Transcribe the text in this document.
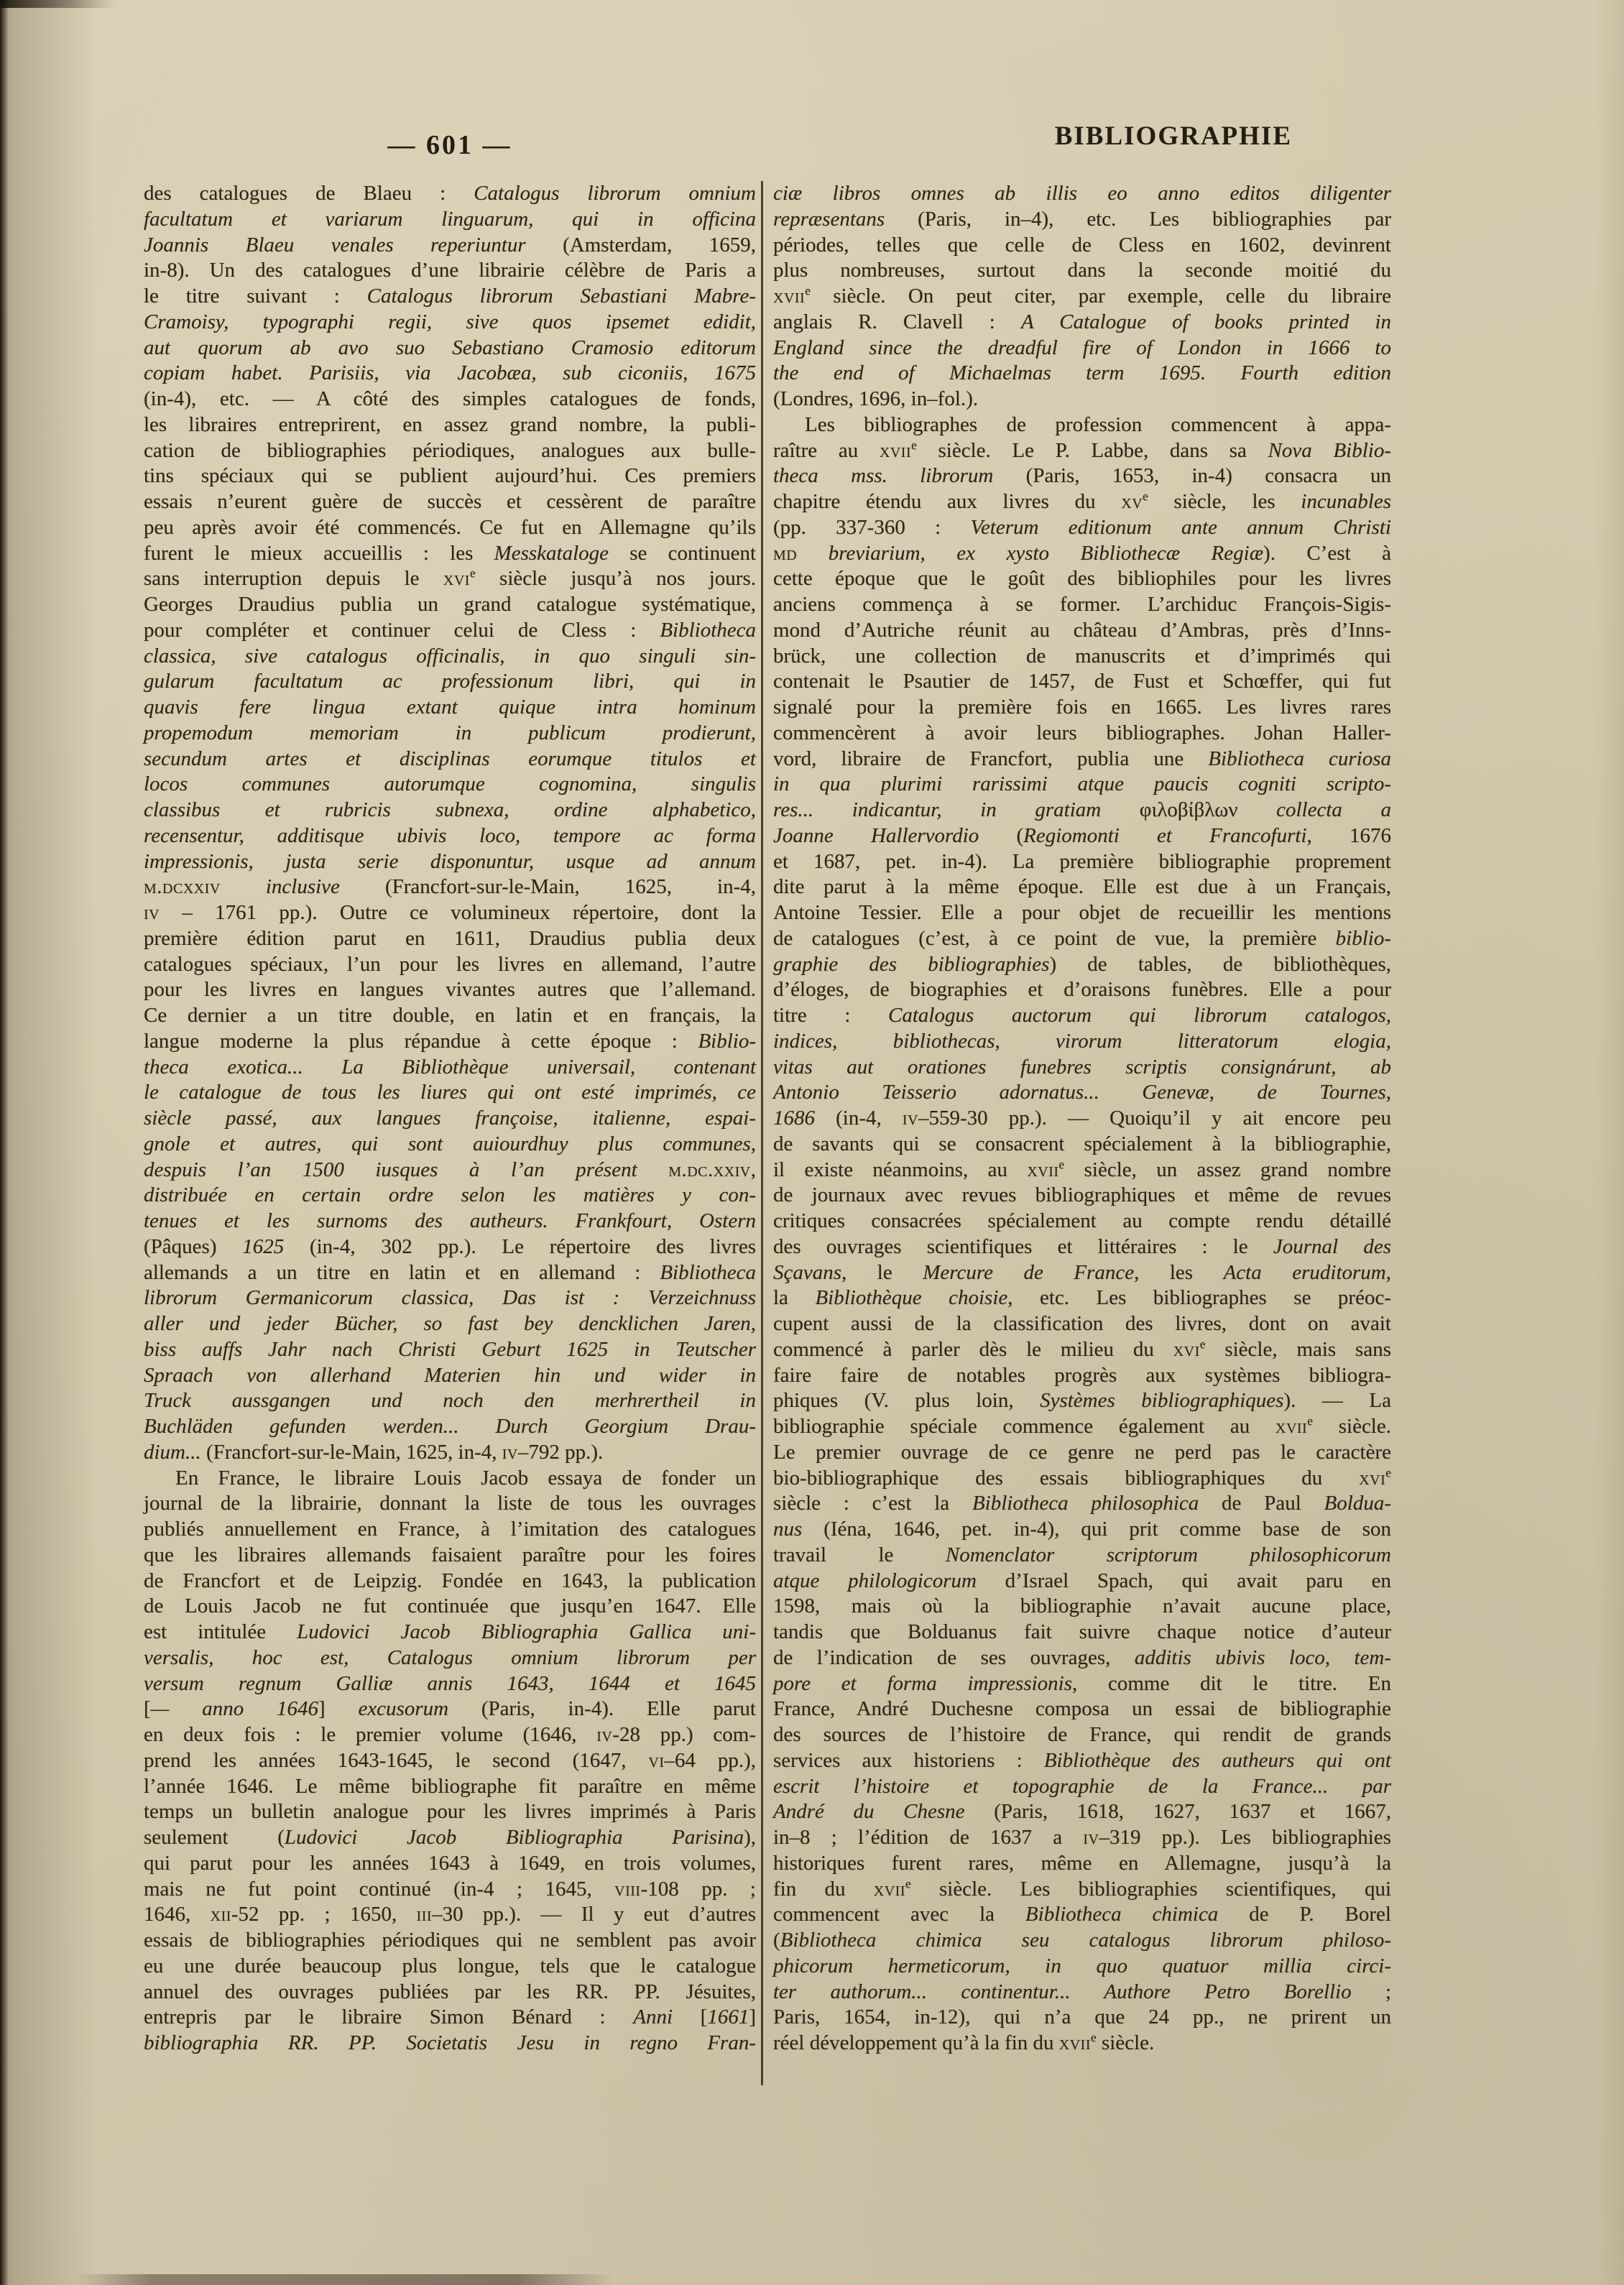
— 601 —	BIBLIOGRAPHIE
des catalogues de Blaeu : Catalogus librorum omnium
facultatum et variarum linguarum, qui in officina
Joannis Blaeu venales reperiuntur (Amsterdam, 1659,
in-8). Un des catalogues d’une librairie célèbre de Paris a
le titre suivant : Catalogus librorum Sebastiani Mabre-
Cramoisy, typographi regii, sive quos ipsemet edidit,
aut quorum ab avo suo Sebastiano Cramosio editorum
copiam habet. Parisiis, via Jacobæa, sub ciconiis, 1675
(in-4), etc. — A côté des simples catalogues de fonds,
les libraires entreprirent, en assez grand nombre, la publi-
cation de bibliographies périodiques, analogues aux bulle-
tins spéciaux qui se publient aujourd’hui. Ces premiers
essais n’eurent guère de succès et cessèrent de paraître
peu après avoir été commencés. Ce fut en Allemagne qu’ils
furent le mieux accueillis : les Messkataloge se continuent
sans interruption depuis le xvi$^e$ siècle jusqu’à nos jours.
Georges Draudius publia un grand catalogue systématique,
pour compléter et continuer celui de Cless : Bibliotheca
classica, sive catalogus officinalis, in quo singuli sin-
gularum facultatum ac professionum libri, qui in
quavis fere lingua extant quique intra hominum
propemodum memoriam in publicum prodierunt,
secundum artes et disciplinas eorumque titulos et
locos communes autorumque cognomina, singulis
classibus et rubricis subnexa, ordine alphabetico,
recensentur, additisque ubivis loco, tempore ac forma
impressionis, justa serie disponuntur, usque ad annum
m.dcxxiv inclusive (Francfort-sur-le-Main, 1625, in-4,
iv – 1761 pp.). Outre ce volumineux répertoire, dont la
première édition parut en 1611, Draudius publia deux
catalogues spéciaux, l’un pour les livres en allemand, l’autre
pour les livres en langues vivantes autres que l’allemand.
Ce dernier a un titre double, en latin et en français, la
langue moderne la plus répandue à cette époque : Biblio-
theca exotica... La Bibliothèque universail, contenant
le catalogue de tous les liures qui ont esté imprimés, ce
siècle passé, aux langues françoise, italienne, espai-
gnole et autres, qui sont auiourdhuy plus communes,
despuis l’an 1500 iusques à l’an présent m.dc.xxiv,
distribuée en certain ordre selon les matières y con-
tenues et les surnoms des autheurs. Frankfourt, Ostern
(Pâques) 1625 (in-4, 302 pp.). Le répertoire des livres
allemands a un titre en latin et en allemand : Bibliotheca
librorum Germanicorum classica, Das ist : Verzeichnuss
aller und jeder Bücher, so fast bey dencklichen Jaren,
biss auffs Jahr nach Christi Geburt 1625 in Teutscher
Spraach von allerhand Materien hin und wider in
Truck aussgangen und noch den merhrertheil in
Buchläden gefunden werden... Durch Georgium Drau-
dium... (Francfort-sur-le-Main, 1625, in-4, iv–792 pp.).
En France, le libraire Louis Jacob essaya de fonder un
journal de la librairie, donnant la liste de tous les ouvrages
publiés annuellement en France, à l’imitation des catalogues
que les libraires allemands faisaient paraître pour les foires
de Francfort et de Leipzig. Fondée en 1643, la publication
de Louis Jacob ne fut continuée que jusqu’en 1647. Elle
est intitulée Ludovici Jacob Bibliographia Gallica uni-
versalis, hoc est, Catalogus omnium librorum per
versum regnum Galliæ annis 1643, 1644 et 1645
[— anno 1646] excusorum (Paris, in-4). Elle parut
en deux fois : le premier volume (1646, iv-28 pp.) com-
prend les années 1643-1645, le second (1647, vi–64 pp.),
l’année 1646. Le même bibliographe fit paraître en même
temps un bulletin analogue pour les livres imprimés à Paris
seulement (Ludovici Jacob Bibliographia Parisina),
qui parut pour les années 1643 à 1649, en trois volumes,
mais ne fut point continué (in-4 ; 1645, viii-108 pp. ;
1646, xii-52 pp. ; 1650, iii–30 pp.). — Il y eut d’autres
essais de bibliographies périodiques qui ne semblent pas avoir
eu une durée beaucoup plus longue, tels que le catalogue
annuel des ouvrages publiées par les RR. PP. Jésuites,
entrepris par le libraire Simon Bénard : Anni [1661]
bibliographia RR. PP. Societatis Jesu in regno Fran-
ciæ libros omnes ab illis eo anno editos diligenter
repræsentans (Paris, in–4), etc. Les bibliographies par
périodes, telles que celle de Cless en 1602, devinrent
plus nombreuses, surtout dans la seconde moitié du
xvii$^e$ siècle. On peut citer, par exemple, celle du libraire
anglais R. Clavell : A Catalogue of books printed in
England since the dreadful fire of London in 1666 to
the end of Michaelmas term 1695. Fourth edition
(Londres, 1696, in–fol.).
Les bibliographes de profession commencent à appa-
raître au xvii$^e$ siècle. Le P. Labbe, dans sa Nova Biblio-
theca mss. librorum (Paris, 1653, in-4) consacra un
chapitre étendu aux livres du $xv^e$ siècle, les incunables
(pp. 337-360 : Veterum editionum ante annum Christi
md breviarium, ex xysto Bibliothecæ Regiæ). C’est à
cette époque que le goût des bibliophiles pour les livres
anciens commença à se former. L’archiduc François-Sigis-
mond d’Autriche réunit au château d’Ambras, près d’Inns-
brück, une collection de manuscrits et d’imprimés qui
contenait le Psautier de 1457, de Fust et Schœffer, qui fut
signalé pour la première fois en 1665. Les livres rares
commencèrent à avoir leurs bibliographes. Johan Haller-
vord, libraire de Francfort, publia une Bibliotheca curiosa
in qua plurimi rarissimi atque paucis cogniti scripto-
res... indicantur, in gratiam φιλοβίβλων collecta a
Joanne Hallervordio (Regiomonti et Francofurti, 1676
et 1687, pet. in-4). La première bibliographie proprement
dite parut à la même époque. Elle est due à un Français,
Antoine Tessier. Elle a pour objet de recueillir les mentions
de catalogues (c’est, à ce point de vue, la première biblio-
graphie des bibliographies) de tables, de bibliothèques,
d’éloges, de biographies et d’oraisons funèbres. Elle a pour
titre : Catalogus auctorum qui librorum catalogos,
indices, bibliothecas, virorum litteratorum elogia,
vitas aut orationes funebres scriptis consignárunt, ab
Antonio Teisserio adornatus... Genevæ, de Tournes,
1686 (in-4, iv–559-30 pp.). — Quoiqu’il y ait encore peu
de savants qui se consacrent spécialement à la bibliographie,
il existe néanmoins, au xvii$^e$ siècle, un assez grand nombre
de journaux avec revues bibliographiques et même de revues
critiques consacrées spécialement au compte rendu détaillé
des ouvrages scientifiques et littéraires : le Journal des
Sçavans, le Mercure de France, les Acta eruditorum,
la Bibliothèque choisie, etc. Les bibliographes se préoc-
cupent aussi de la classification des livres, dont on avait
commencé à parler dès le milieu du xvi$^e$ siècle, mais sans
faire faire de notables progrès aux systèmes bibliogra-
phiques (V. plus loin, Systèmes bibliographiques). — La
bibliographie spéciale commence également au xvii$^e$ siècle.
Le premier ouvrage de ce genre ne perd pas le caractère
bio-bibliographique des essais bibliographiques du xvi$^e$
siècle : c’est la Bibliotheca philosophica de Paul Boldua-
nus (Iéna, 1646, pet. in-4), qui prit comme base de son
travail le Nomenclator scriptorum philosophicorum
atque philologicorum d’Israel Spach, qui avait paru en
1598, mais où la bibliographie n’avait aucune place,
tandis que Bolduanus fait suivre chaque notice d’auteur
de l’indication de ses ouvrages, additis ubivis loco, tem-
pore et forma impressionis, comme dit le titre. En
France, André Duchesne composa un essai de bibliographie
des sources de l’histoire de France, qui rendit de grands
services aux historiens : Bibliothèque des autheurs qui ont
escrit l’histoire et topographie de la France... par
André du Chesne (Paris, 1618, 1627, 1637 et 1667,
in–8 ; l’édition de 1637 a iv–319 pp.). Les bibliographies
historiques furent rares, même en Allemagne, jusqu’à la
fin du xvii$^e$ siècle. Les bibliographies scientifiques, qui
commencent avec la Bibliotheca chimica de P. Borel
(Bibliotheca chimica seu catalogus librorum philoso-
phicorum hermeticorum, in quo quatuor millia circi-
ter authorum... continentur... Authore Petro Borellio ;
Paris, 1654, in-12), qui n’a que 24 pp., ne prirent un
réel développement qu’à la fin du xvii$^e$ siècle.
